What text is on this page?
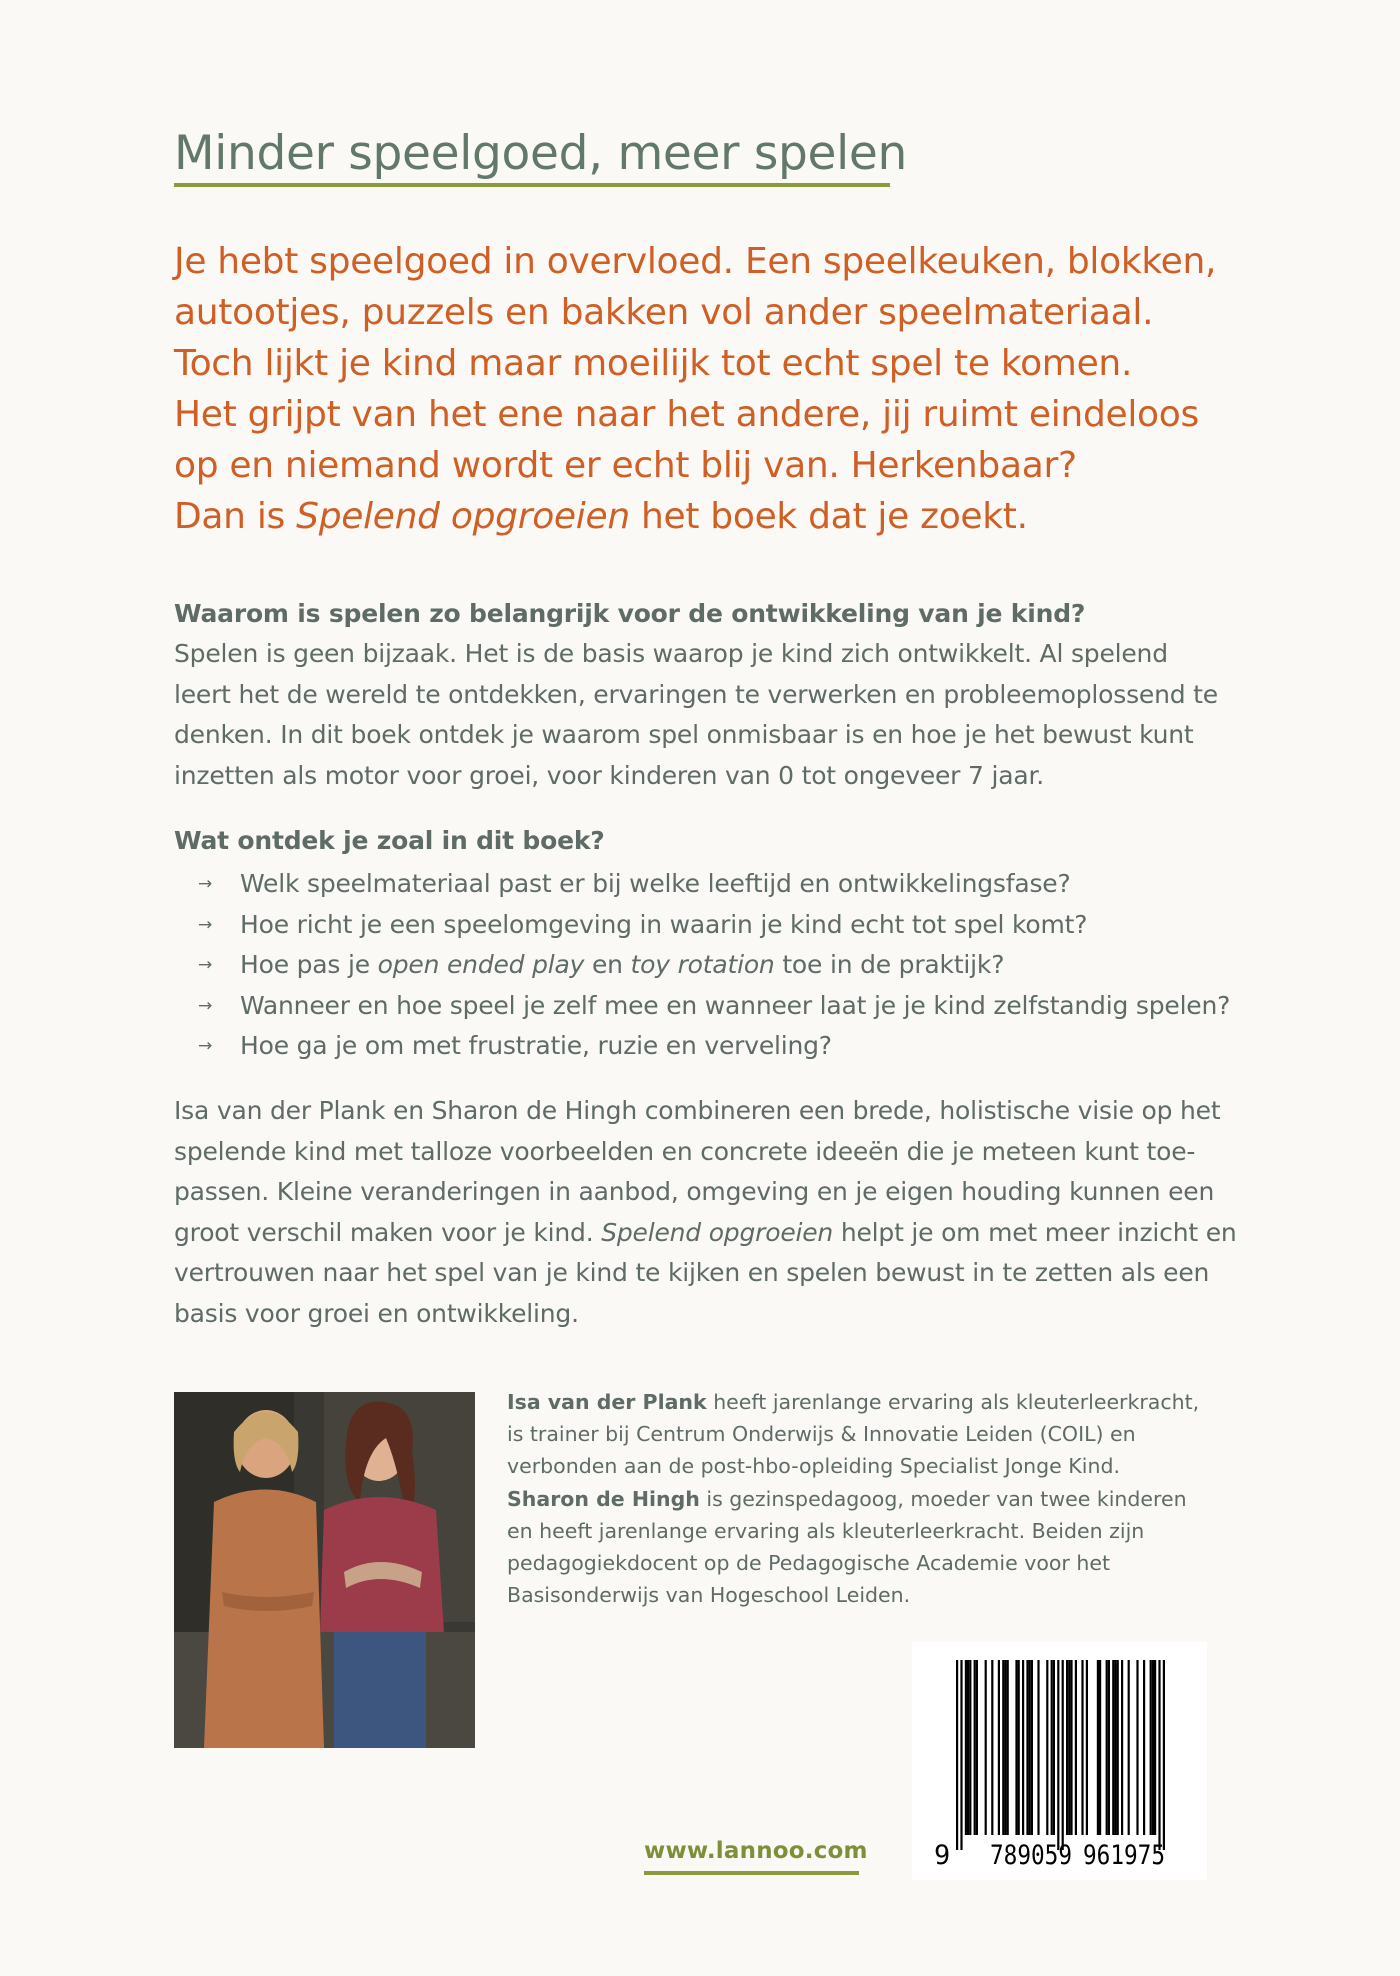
Minder speelgoed, meer spelen

Je hebt speelgoed in overvloed. Een speelkeuken, blokken,
autootjes, puzzels en bakken vol ander speelmateriaal.
Toch lijkt je kind maar moeilijk tot echt spel te komen.
Het grijpt van het ene naar het andere, jij ruimt eindeloos
op en niemand wordt er echt blij van. Herkenbaar?
Dan is Spelend opgroeien het boek dat je zoekt.

Waarom is spelen zo belangrijk voor de ontwikkeling van je kind?

Spelen is geen bijzaak. Het is de basis waarop je kind zich ontwikkelt. Al spelend
leert het de wereld te ontdekken, ervaringen te verwerken en probleemoplossend te
denken. In dit boek ontdek je waarom spel onmisbaar is en hoe je het bewust kunt
inzetten als motor voor groei, voor kinderen van 0 tot ongeveer 7 jaar.

Wat ontdek je zoal in dit boek?

→ Welk speelmateriaal past er bij welke leeftijd en ontwikkelingsfase?
→ Hoe richt je een speelomgeving in waarin je kind echt tot spel komt?
→ Hoe pas je open ended play en toy rotation toe in de praktijk?
→ Wanneer en hoe speel je zelf mee en wanneer laat je je kind zelfstandig spelen?
→ Hoe ga je om met frustratie, ruzie en verveling?

Isa van der Plank en Sharon de Hingh combineren een brede, holistische visie op het
spelende kind met talloze voorbeelden en concrete ideeën die je meteen kunt toe-
passen. Kleine veranderingen in aanbod, omgeving en je eigen houding kunnen een
groot verschil maken voor je kind. Spelend opgroeien helpt je om met meer inzicht en
vertrouwen naar het spel van je kind te kijken en spelen bewust in te zetten als een
basis voor groei en ontwikkeling.

Isa van der Plank heeft jarenlange ervaring als kleuterleerkracht,
is trainer bij Centrum Onderwijs & Innovatie Leiden (COIL) en
verbonden aan de post-hbo-opleiding Specialist Jonge Kind.
Sharon de Hingh is gezinspedagoog, moeder van twee kinderen
en heeft jarenlange ervaring als kleuterleerkracht. Beiden zijn
pedagogiekdocent op de Pedagogische Academie voor het
Basisonderwijs van Hogeschool Leiden.

9 789059 961975
www.lannoo.com
